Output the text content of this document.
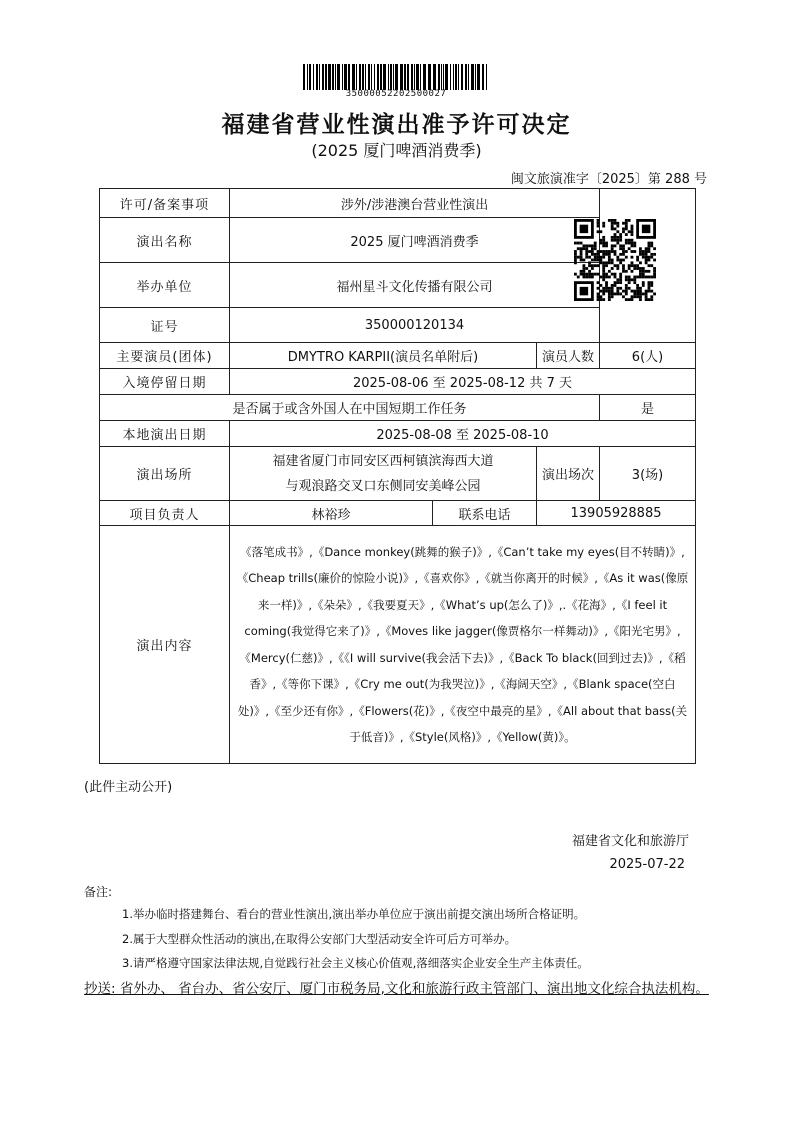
35000052202500027
福建省营业性演出准予许可决定
(2025 厦门啤酒消费季)
闽文旅演准字〔2025〕第 288 号
许可/备案事项	涉外/涉港澳台营业性演出			
演出名称	2025 厦门啤酒消费季			
举办单位	福州星斗文化传播有限公司			
证号	350000120134			
主要演员(团体)	DMYTRO KARPII(演员名单附后)		演员人数	6(人)
入境停留日期	2025-08-06 至 2025-08-12 共 7 天			
是否属于或含外国人在中国短期工作任务				是
本地演出日期	2025-08-08 至 2025-08-10			
演出场所	福建省厦门市同安区西柯镇滨海西大道
与观浪路交叉口东侧同安美峰公园		演出场次	3(场)
项目负责人	林裕珍	联系电话	13905928885	
演出内容	《落笔成书》,《Dance monkey(跳舞的猴子)》,《Can’t take my eyes(目不转睛)》,《Cheap trills(廉价的惊险小说)》,《喜欢你》,《就当你离开的时候》,《As it was(像原来一样)》,《朵朵》,《我要夏天》,《What’s up(怎么了)》,.《花海》,《I feel it coming(我觉得它来了)》,《Moves like jagger(像贾格尔一样舞动)》,《阳光宅男》,《Mercy(仁慈)》,《《I will survive(我会活下去)》,《Back To black(回到过去)》,《稻香》,《等你下课》,《Cry me out(为我哭泣)》,《海阔天空》,《Blank space(空白处)》,《至少还有你》,《Flowers(花)》,《夜空中最亮的星》,《All about that bass(关于低音)》,《Style(风格)》,《Yellow(黄)》。			
(此件主动公开)
福建省文化和旅游厅
2025-07-22
备注:
1.举办临时搭建舞台、看台的营业性演出,演出举办单位应于演出前提交演出场所合格证明。
2.属于大型群众性活动的演出,在取得公安部门大型活动安全许可后方可举办。
3.请严格遵守国家法律法规,自觉践行社会主义核心价值观,落细落实企业安全生产主体责任。
抄送: 省外办、 省台办、省公安厅、厦门市税务局,文化和旅游行政主管部门、演出地文化综合执法机构。
